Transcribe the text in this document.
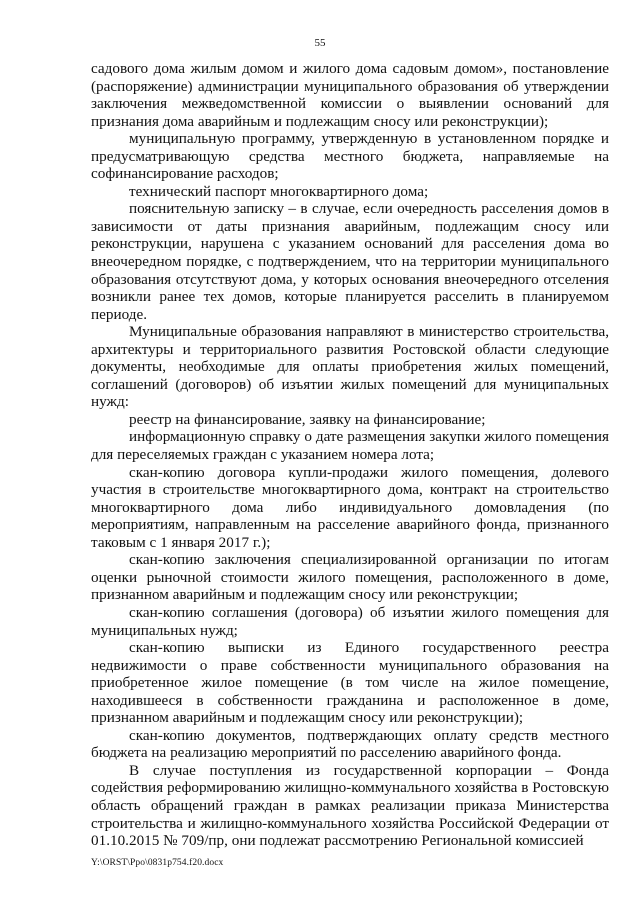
55

садового дома жилым домом и жилого дома садовым домом», постановление (распоряжение) администрации муниципального образования об утверждении заключения межведомственной комиссии о выявлении оснований для признания дома аварийным и подлежащим сносу или реконструкции);

муниципальную программу, утвержденную в установленном порядке и предусматривающую средства местного бюджета, направляемые на софинансирование расходов;

технический паспорт многоквартирного дома;

пояснительную записку – в случае, если очередность расселения домов в зависимости от даты признания аварийным, подлежащим сносу или реконструкции, нарушена с указанием оснований для расселения дома во внеочередном порядке, с подтверждением, что на территории муниципального образования отсутствуют дома, у которых основания внеочередного отселения возникли ранее тех домов, которые планируется расселить в планируемом периоде.

Муниципальные образования направляют в министерство строительства, архитектуры и территориального развития Ростовской области следующие документы, необходимые для оплаты приобретения жилых помещений, соглашений (договоров) об изъятии жилых помещений для муниципальных нужд:

реестр на финансирование, заявку на финансирование;

информационную справку о дате размещения закупки жилого помещения для переселяемых граждан с указанием номера лота;

скан-копию договора купли-продажи жилого помещения, долевого участия в строительстве многоквартирного дома, контракт на строительство многоквартирного дома либо индивидуального домовладения (по мероприятиям, направленным на расселение аварийного фонда, признанного таковым с 1 января 2017 г.);

скан-копию заключения специализированной организации по итогам оценки рыночной стоимости жилого помещения, расположенного в доме, признанном аварийным и подлежащим сносу или реконструкции;

скан-копию соглашения (договора) об изъятии жилого помещения для муниципальных нужд;

скан-копию выписки из Единого государственного реестра недвижимости о праве собственности муниципального образования на приобретенное жилое помещение (в том числе на жилое помещение, находившееся в собственности гражданина и расположенное в доме, признанном аварийным и подлежащим сносу или реконструкции);

скан-копию документов, подтверждающих оплату средств местного бюджета на реализацию мероприятий по расселению аварийного фонда.

В случае поступления из государственной корпорации – Фонда содействия реформированию жилищно-коммунального хозяйства в Ростовскую область обращений граждан в рамках реализации приказа Министерства строительства и жилищно-коммунального хозяйства Российской Федерации от 01.10.2015 № 709/пр, они подлежат рассмотрению Региональной комиссией

Y:\ORST\Ppo\0831p754.f20.docx
